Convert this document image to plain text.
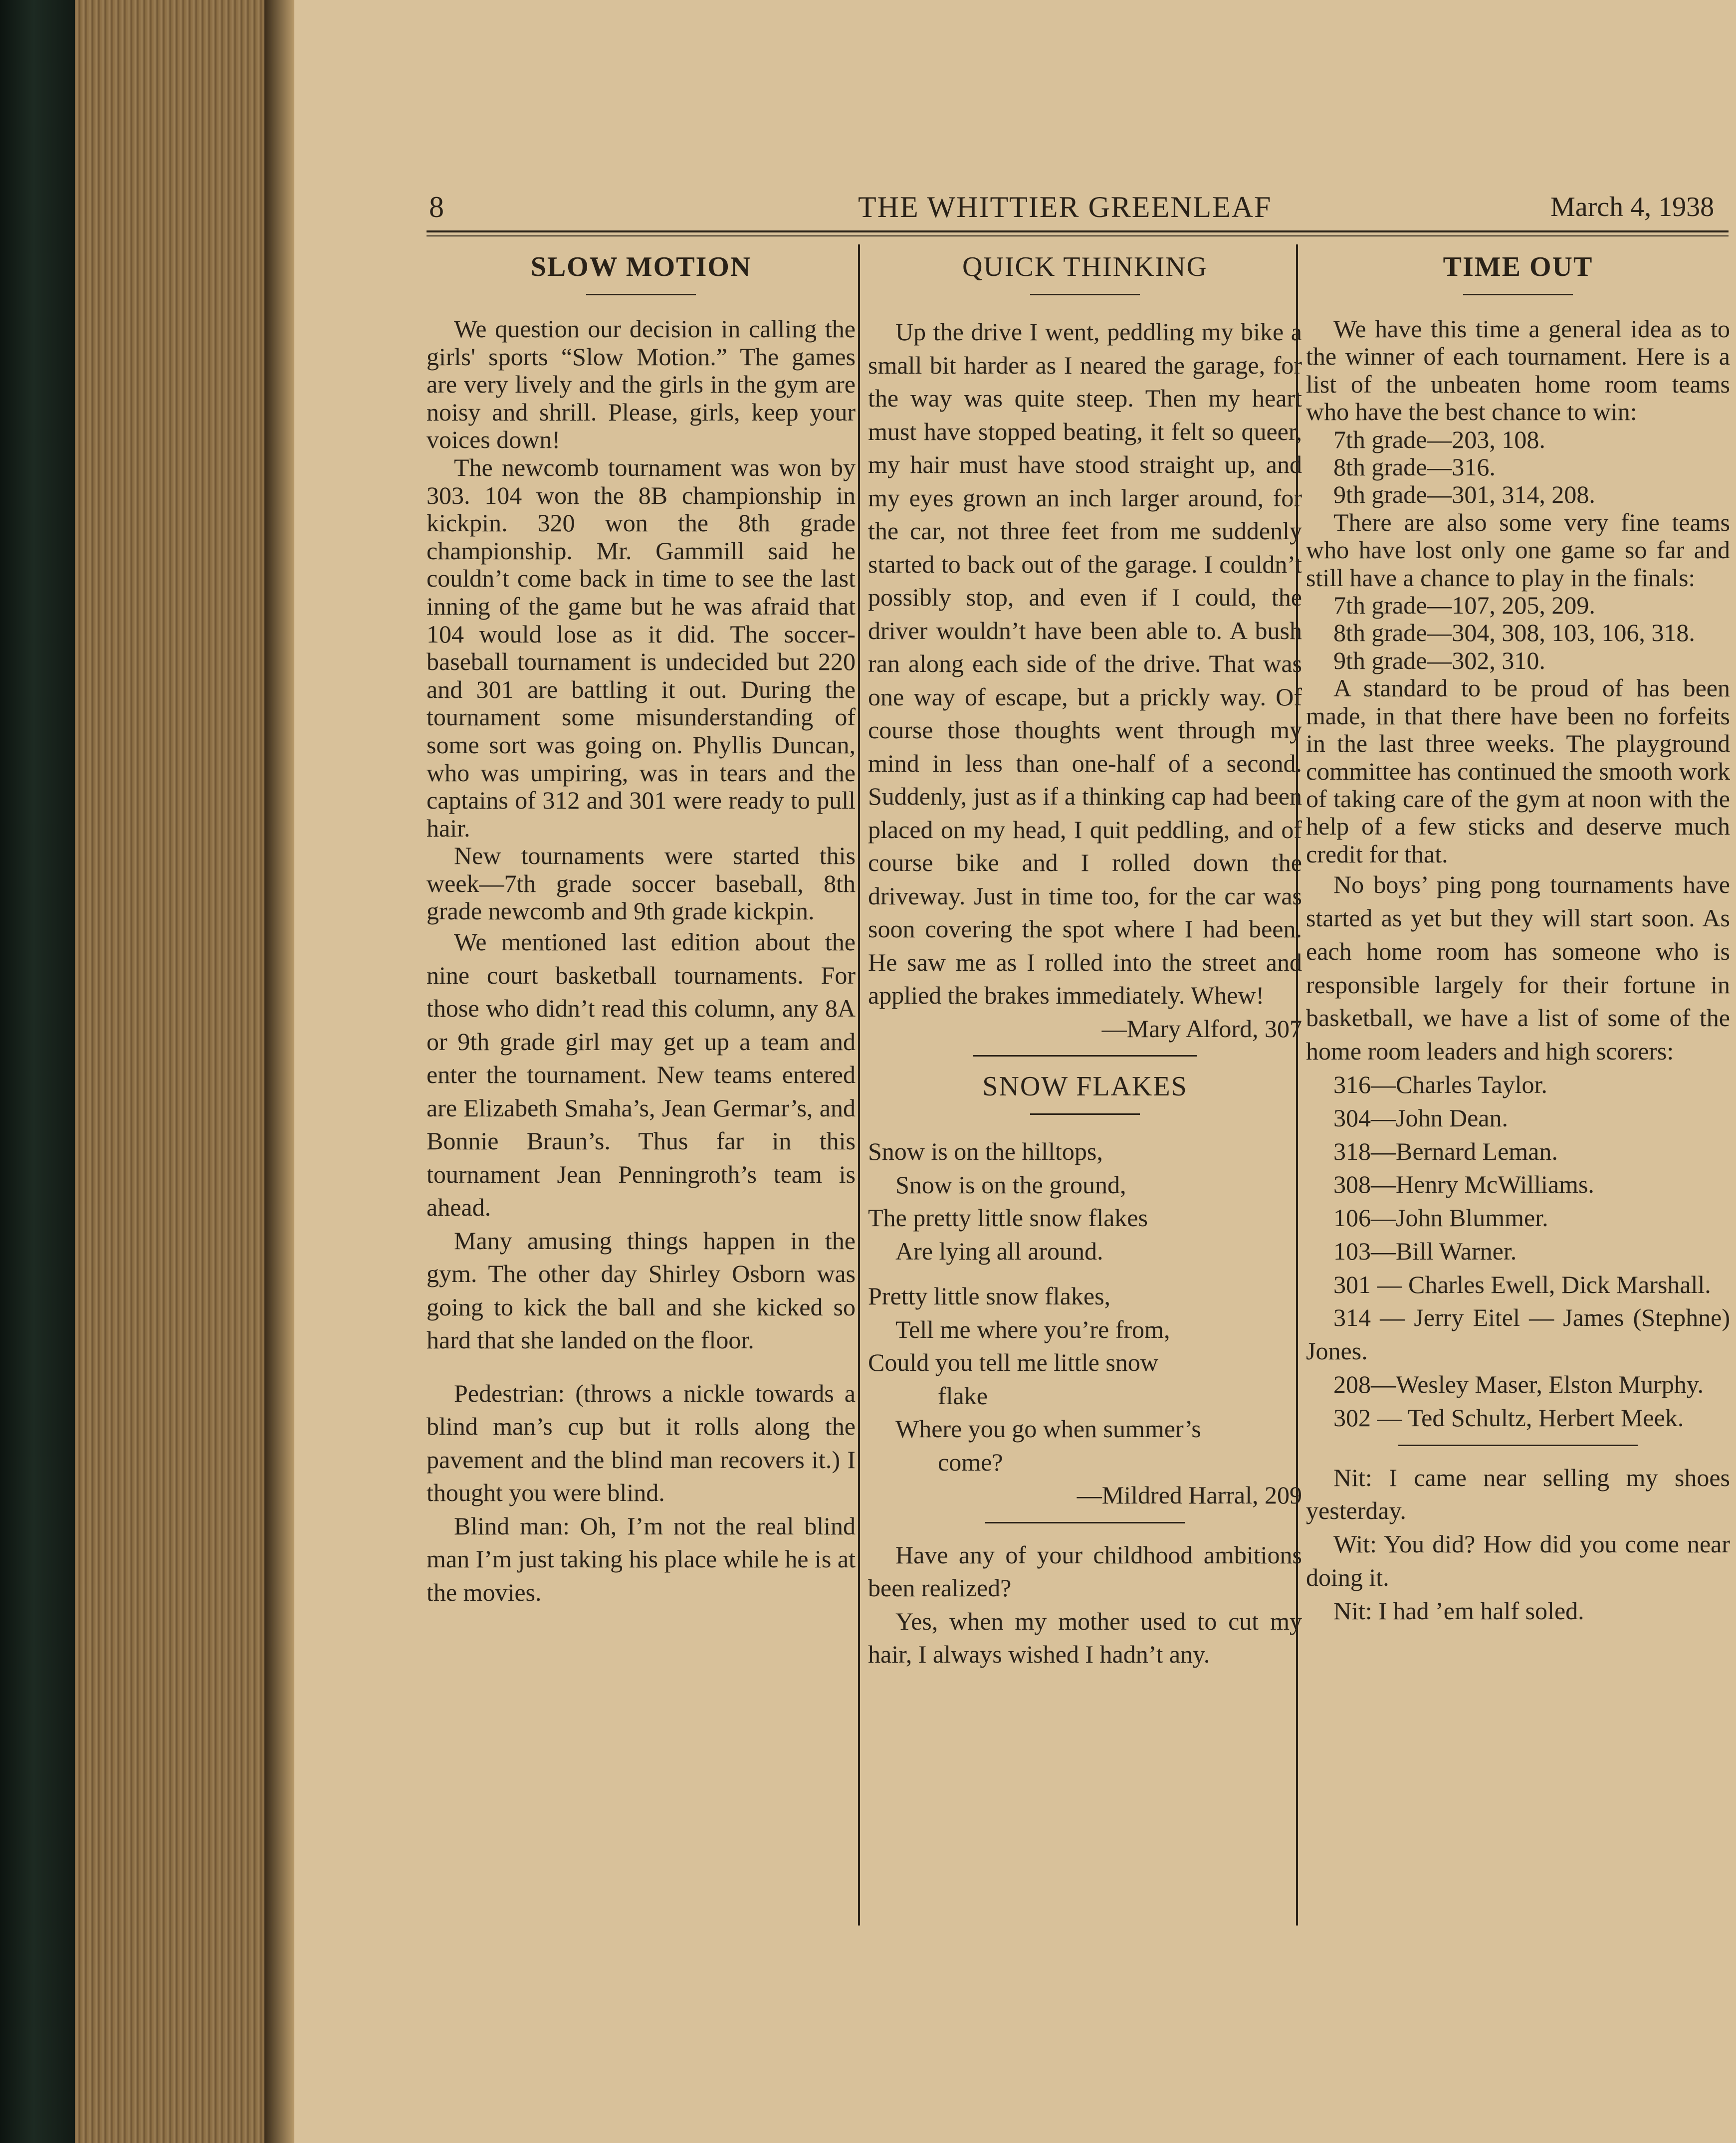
8	THE WHITTIER GREENLEAF	March 4, 1938
SLOW MOTION

We question our decision in calling the girls' sports “Slow Motion.” The games are very lively and the girls in the gym are noisy and shrill. Please, girls, keep your voices down!

The newcomb tournament was won by 303. 104 won the 8B championship in kickpin. 320 won the 8th grade championship. Mr. Gammill said he couldn’t come back in time to see the last inning of the game but he was afraid that 104 would lose as it did. The soccer-baseball tournament is undecided but 220 and 301 are battling it out. During the tournament some misunderstanding of some sort was going on. Phyllis Duncan, who was umpiring, was in tears and the captains of 312 and 301 were ready to pull hair.

New tournaments were started this week—7th grade soccer baseball, 8th grade newcomb and 9th grade kickpin.

We mentioned last edition about the nine court basketball tournaments. For those who didn’t read this column, any 8A or 9th grade girl may get up a team and enter the tournament. New teams entered are Elizabeth Smaha’s, Jean Germar’s, and Bonnie Braun’s. Thus far in this tournament Jean Penningroth’s team is ahead.

Many amusing things happen in the gym. The other day Shirley Osborn was going to kick the ball and she kicked so hard that she landed on the floor.

Pedestrian: (throws a nickle towards a blind man’s cup but it rolls along the pavement and the blind man recovers it.) I thought you were blind.

Blind man: Oh, I’m not the real blind man I’m just taking his place while he is at the movies.

QUICK THINKING

Up the drive I went, peddling my bike a small bit harder as I neared the garage, for the way was quite steep. Then my heart must have stopped beating, it felt so queer, my hair must have stood straight up, and my eyes grown an inch larger around, for the car, not three feet from me suddenly started to back out of the garage. I couldn’t possibly stop, and even if I could, the driver wouldn’t have been able to. A bush ran along each side of the drive. That was one way of escape, but a prickly way. Of course those thoughts went through my mind in less than one-half of a second. Suddenly, just as if a thinking cap had been placed on my head, I quit peddling, and of course bike and I rolled down the driveway. Just in time too, for the car was soon covering the spot where I had been. He saw me as I rolled into the street and applied the brakes immediately. Whew!

—Mary Alford, 307

SNOW FLAKES
Snow is on the hilltops,
Snow is on the ground,
The pretty little snow flakes
Are lying all around.
Pretty little snow flakes,
Tell me where you’re from,
Could you tell me little snow
flake
Where you go when summer’s
come?

—Mildred Harral, 209

Have any of your childhood ambitions been realized?

Yes, when my mother used to cut my hair, I always wished I hadn’t any.

TIME OUT

We have this time a general idea as to the winner of each tournament. Here is a list of the unbeaten home room teams who have the best chance to win:

7th grade—203, 108.

8th grade—316.

9th grade—301, 314, 208.

There are also some very fine teams who have lost only one game so far and still have a chance to play in the finals:

7th grade—107, 205, 209.

8th grade—304, 308, 103, 106, 318.

9th grade—302, 310.

A standard to be proud of has been made, in that there have been no forfeits in the last three weeks. The playground committee has continued the smooth work of taking care of the gym at noon with the help of a few sticks and deserve much credit for that.

No boys’ ping pong tournaments have started as yet but they will start soon. As each home room has someone who is responsible largely for their fortune in basketball, we have a list of some of the home room leaders and high scorers:

316—Charles Taylor.

304—John Dean.

318—Bernard Leman.

308—Henry McWilliams.

106—John Blummer.

103—Bill Warner.

301 — Charles Ewell, Dick Marshall.

314 — Jerry Eitel — James (Stephne) Jones.

208—Wesley Maser, Elston Murphy.

302 — Ted Schultz, Herbert Meek.

Nit: I came near selling my shoes yesterday.

Wit: You did? How did you come near doing it.

Nit: I had ’em half soled.
